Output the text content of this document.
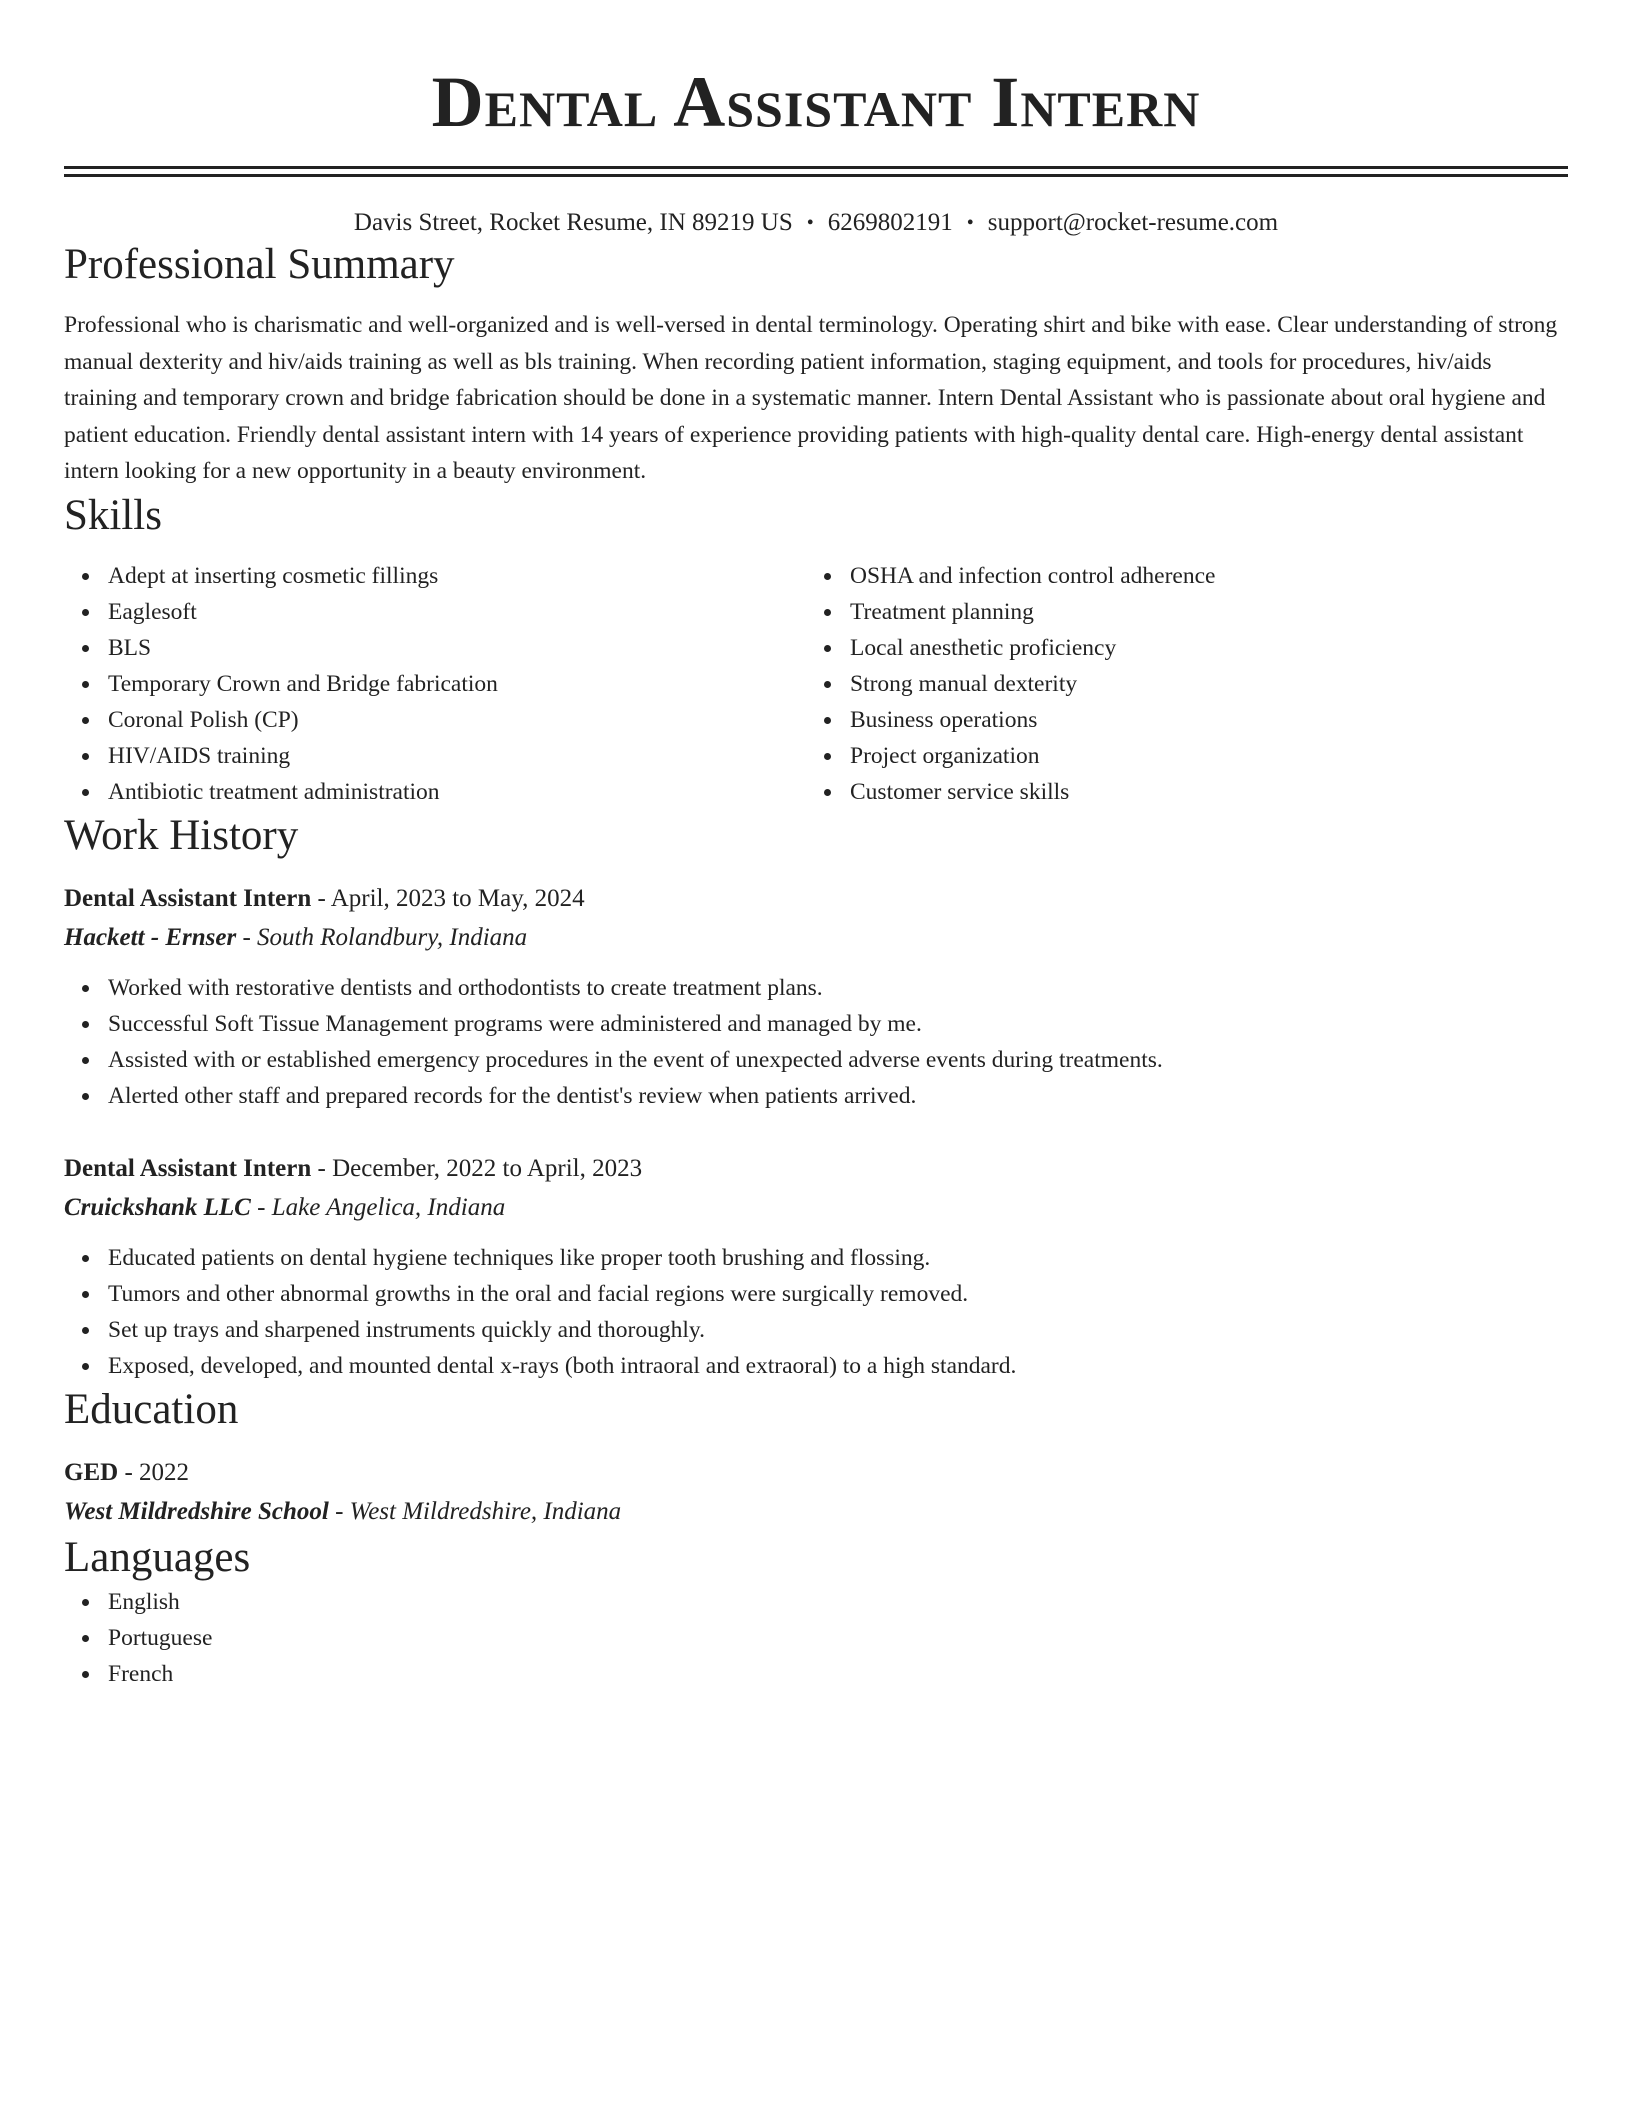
Dental Assistant Intern
Davis Street, Rocket Resume, IN 89219 US • 6269802191 • support@rocket-resume.com
Professional Summary
Professional who is charismatic and well-organized and is well-versed in dental terminology. Operating shirt and bike with ease. Clear understanding of strong manual dexterity and hiv/aids training as well as bls training. When recording patient information, staging equipment, and tools for procedures, hiv/aids training and temporary crown and bridge fabrication should be done in a systematic manner. Intern Dental Assistant who is passionate about oral hygiene and patient education. Friendly dental assistant intern with 14 years of experience providing patients with high-quality dental care. High-energy dental assistant intern looking for a new opportunity in a beauty environment.
Skills
Adept at inserting cosmetic fillings
Eaglesoft
BLS
Temporary Crown and Bridge fabrication
Coronal Polish (CP)
HIV/AIDS training
Antibiotic treatment administration
OSHA and infection control adherence
Treatment planning
Local anesthetic proficiency
Strong manual dexterity
Business operations
Project organization
Customer service skills
Work History
Dental Assistant Intern - April, 2023 to May, 2024
Hackett - Ernser - South Rolandbury, Indiana
Worked with restorative dentists and orthodontists to create treatment plans.
Successful Soft Tissue Management programs were administered and managed by me.
Assisted with or established emergency procedures in the event of unexpected adverse events during treatments.
Alerted other staff and prepared records for the dentist's review when patients arrived.
Dental Assistant Intern - December, 2022 to April, 2023
Cruickshank LLC - Lake Angelica, Indiana
Educated patients on dental hygiene techniques like proper tooth brushing and flossing.
Tumors and other abnormal growths in the oral and facial regions were surgically removed.
Set up trays and sharpened instruments quickly and thoroughly.
Exposed, developed, and mounted dental x-rays (both intraoral and extraoral) to a high standard.
Education
GED - 2022
West Mildredshire School - West Mildredshire, Indiana
Languages
English
Portuguese
French
